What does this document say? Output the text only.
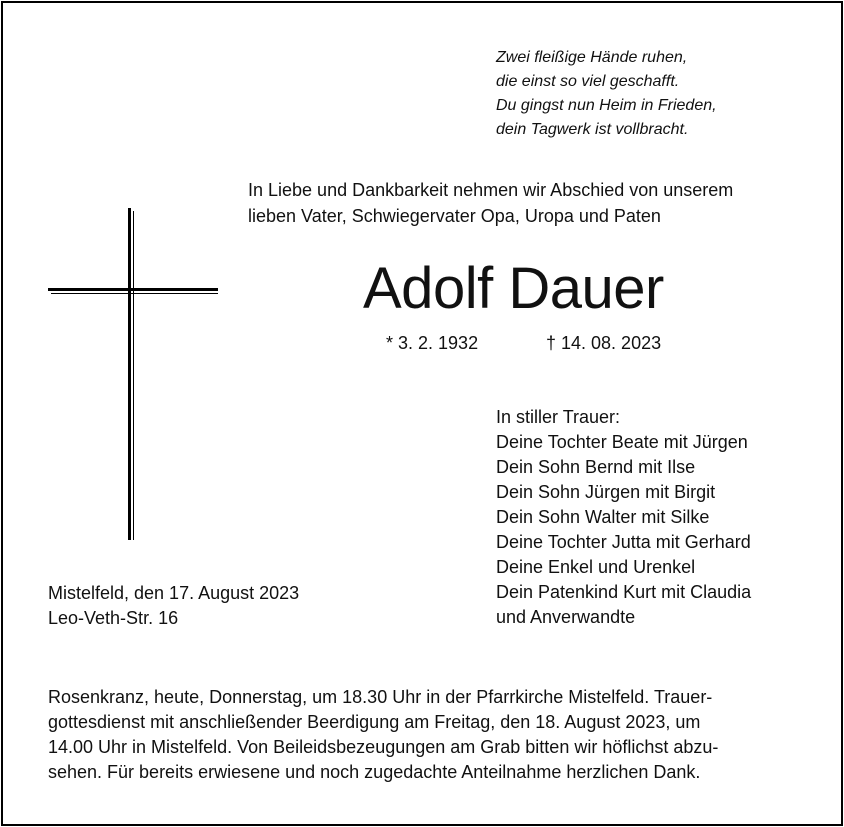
Zwei fleißige Hände ruhen,
die einst so viel geschafft.
Du gingst nun Heim in Frieden,
dein Tagwerk ist vollbracht.
In Liebe und Dankbarkeit nehmen wir Abschied von unserem
lieben Vater, Schwiegervater Opa, Uropa und Paten
Adolf Dauer
* 3. 2. 1932	† 14. 08. 2023
In stiller Trauer:
Deine Tochter Beate mit Jürgen
Dein Sohn Bernd mit Ilse
Dein Sohn Jürgen mit Birgit
Dein Sohn Walter mit Silke
Deine Tochter Jutta mit Gerhard
Deine Enkel und Urenkel
Dein Patenkind Kurt mit Claudia
und Anverwandte
Mistelfeld, den 17. August 2023
Leo-Veth-Str. 16
Rosenkranz, heute, Donnerstag, um 18.30 Uhr in der Pfarrkirche Mistelfeld. Trauer-
gottesdienst mit anschließender Beerdigung am Freitag, den 18. August 2023, um
14.00 Uhr in Mistelfeld. Von Beileidsbezeugungen am Grab bitten wir höflichst abzu-
sehen. Für bereits erwiesene und noch zugedachte Anteilnahme herzlichen Dank.
